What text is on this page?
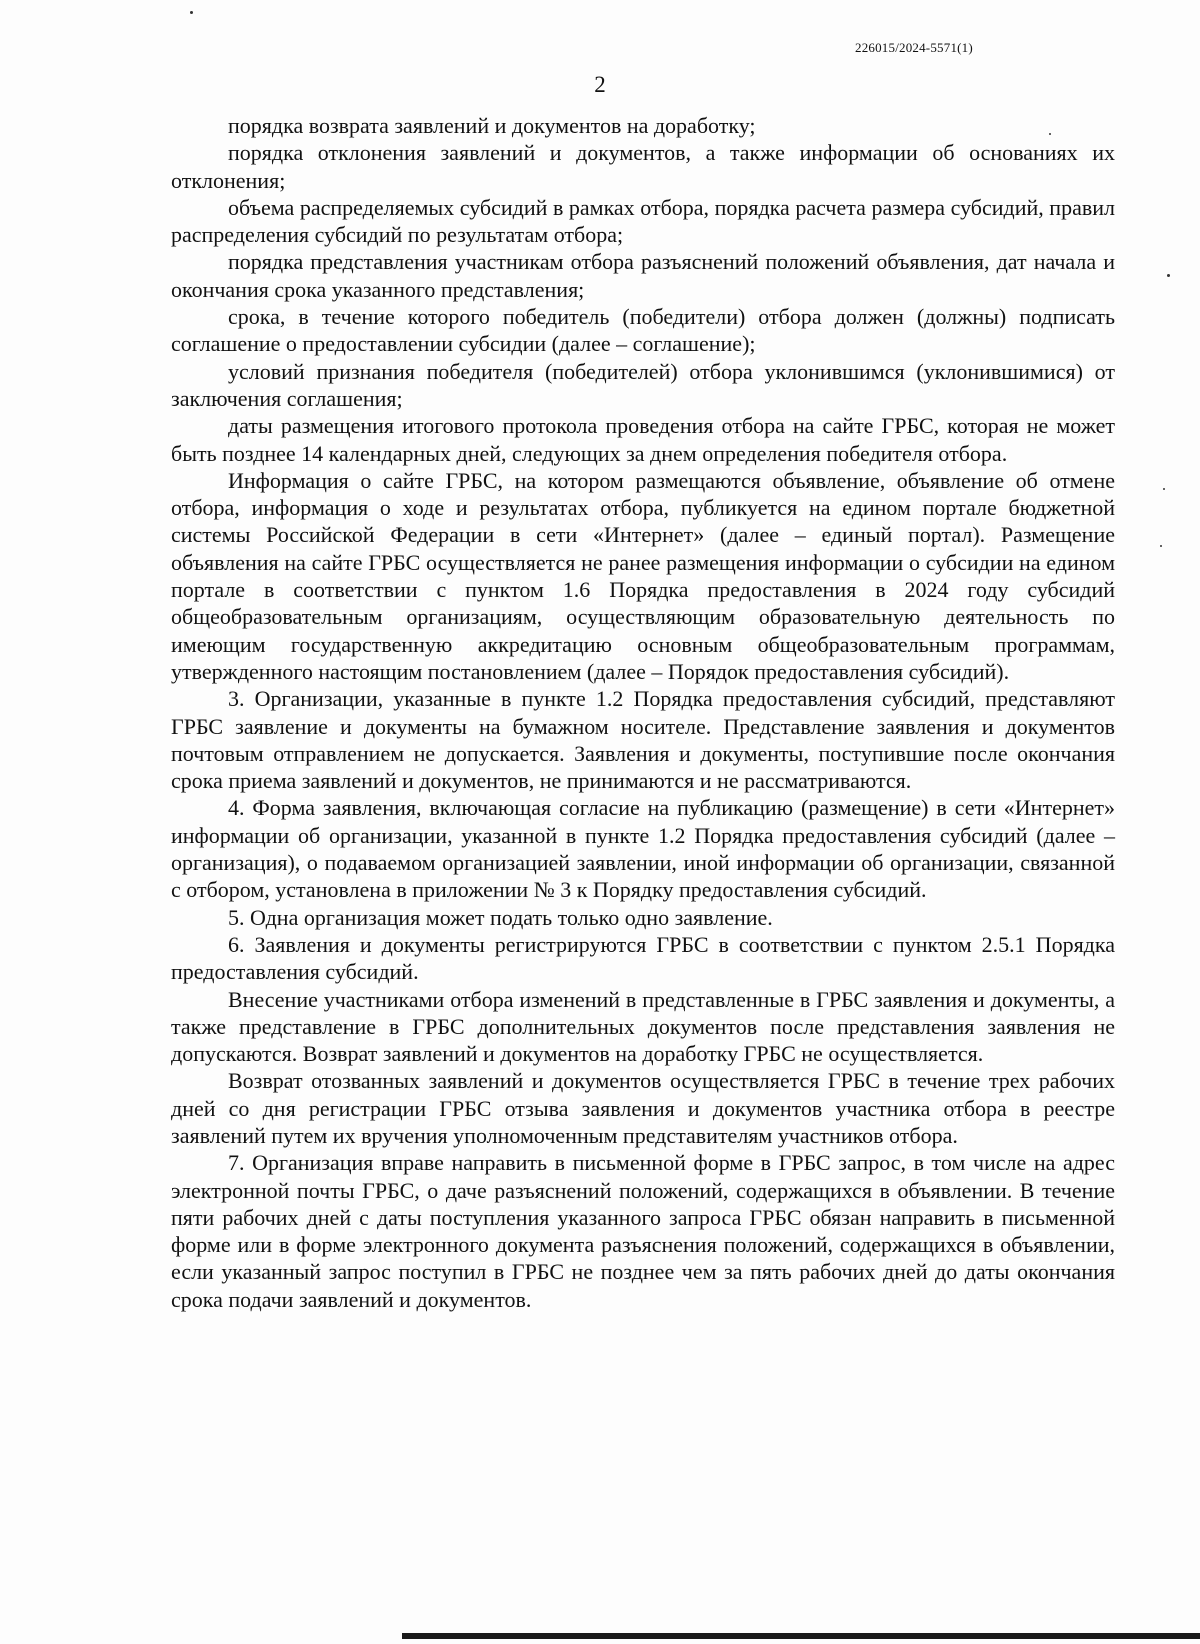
226015/2024-5571(1)
2

порядка возврата заявлений и документов на доработку;

порядка отклонения заявлений и документов, а также информации об основаниях их отклонения;

объема распределяемых субсидий в рамках отбора, порядка расчета размера субсидий, правил распределения субсидий по результатам отбора;

порядка представления участникам отбора разъяснений положений объявления, дат начала и окончания срока указанного представления;

срока, в течение которого победитель (победители) отбора должен (должны) подписать соглашение о предоставлении субсидии (далее – соглашение);

условий признания победителя (победителей) отбора уклонившимся (уклонившимися) от заключения соглашения;

даты размещения итогового протокола проведения отбора на сайте ГРБС, которая не может быть позднее 14 календарных дней, следующих за днем определения победителя отбора.

Информация о сайте ГРБС, на котором размещаются объявление, объявление об отмене отбора, информация о ходе и результатах отбора, публикуется на едином портале бюджетной системы Российской Федерации в сети «Интернет» (далее – единый портал). Размещение объявления на сайте ГРБС осуществляется не ранее размещения информации о субсидии на едином портале в соответствии с пунктом 1.6 Порядка предоставления в 2024 году субсидий общеобразовательным организациям, осуществляющим образовательную деятельность по имеющим государственную аккредитацию основным общеобразовательным программам, утвержденного настоящим постановлением (далее – Порядок предоставления субсидий).

3. Организации, указанные в пункте 1.2 Порядка предоставления субсидий, представляют ГРБС заявление и документы на бумажном носителе. Представление заявления и документов почтовым отправлением не допускается. Заявления и документы, поступившие после окончания срока приема заявлений и документов, не принимаются и не рассматриваются.

4. Форма заявления, включающая согласие на публикацию (размещение) в сети «Интернет» информации об организации, указанной в пункте 1.2 Порядка предоставления субсидий (далее – организация), о подаваемом организацией заявлении, иной информации об организации, связанной с отбором, установлена в приложении № 3 к Порядку предоставления субсидий.

5. Одна организация может подать только одно заявление.

6. Заявления и документы регистрируются ГРБС в соответствии с пунктом 2.5.1 Порядка предоставления субсидий.

Внесение участниками отбора изменений в представленные в ГРБС заявления и документы, а также представление в ГРБС дополнительных документов после представления заявления не допускаются. Возврат заявлений и документов на доработку ГРБС не осуществляется.

Возврат отозванных заявлений и документов осуществляется ГРБС в течение трех рабочих дней со дня регистрации ГРБС отзыва заявления и документов участника отбора в реестре заявлений путем их вручения уполномоченным представителям участников отбора.

7. Организация вправе направить в письменной форме в ГРБС запрос, в том числе на адрес электронной почты ГРБС, о даче разъяснений положений, содержащихся в объявлении. В течение пяти рабочих дней с даты поступления указанного запроса ГРБС обязан направить в письменной форме или в форме электронного документа разъяснения положений, содержащихся в объявлении, если указанный запрос поступил в ГРБС не позднее чем за пять рабочих дней до даты окончания срока подачи заявлений и документов.
